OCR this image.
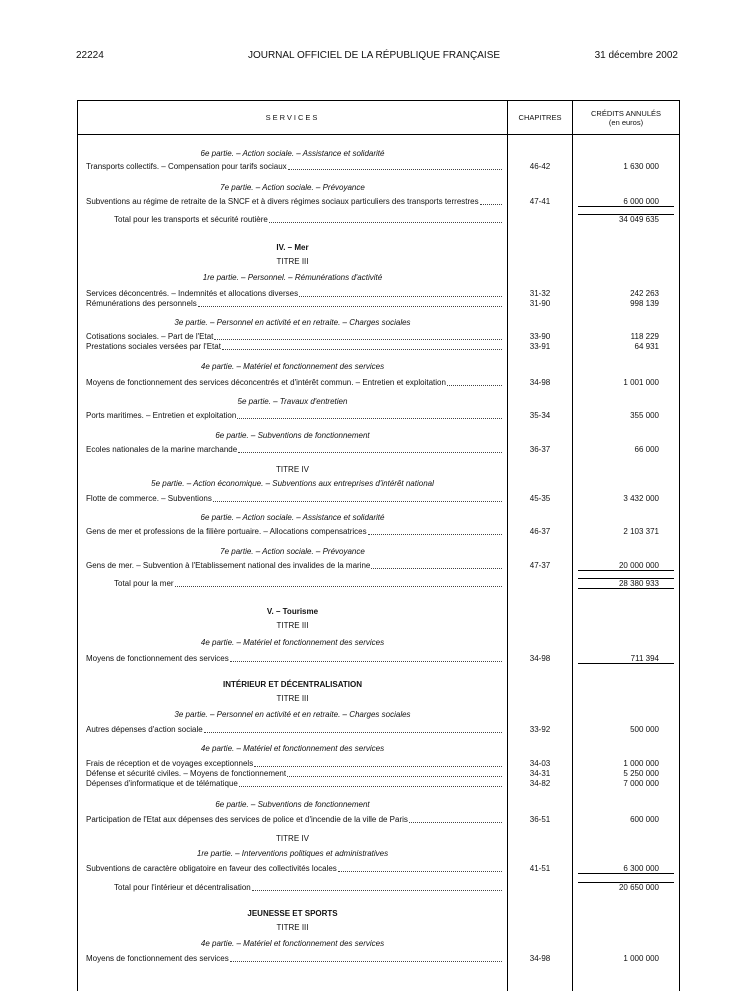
22224	JOURNAL OFFICIEL DE LA RÉPUBLIQUE FRANÇAISE	31 décembre 2002
SERVICES	CHAPITRES	CRÉDITS ANNULÉS
(en euros)
6e partie. – Action sociale. – Assistance et solidarité
Transports collectifs. – Compensation pour tarifs sociaux	46-42	1 630 000
7e partie. – Action sociale. – Prévoyance
Subventions au régime de retraite de la SNCF et à divers régimes sociaux particuliers des transports terrestres	47-41	6 000 000
Total pour les transports et sécurité routière	34 049 635
IV. – Mer
TITRE III
1re partie. – Personnel. – Rémunérations d'activité
Services déconcentrés. – Indemnités et allocations diverses	31-32	242 263
Rémunérations des personnels	31-90	998 139
3e partie. – Personnel en activité et en retraite. – Charges sociales
Cotisations sociales. – Part de l'Etat	33-90	118 229
Prestations sociales versées par l'Etat	33-91	64 931
4e partie. – Matériel et fonctionnement des services
Moyens de fonctionnement des services déconcentrés et d'intérêt commun. – Entretien et exploitation	34-98	1 001 000
5e partie. – Travaux d'entretien
Ports maritimes. – Entretien et exploitation	35-34	355 000
6e partie. – Subventions de fonctionnement
Ecoles nationales de la marine marchande	36-37	66 000
TITRE IV
5e partie. – Action économique. – Subventions aux entreprises d'intérêt national
Flotte de commerce. – Subventions	45-35	3 432 000
6e partie. – Action sociale. – Assistance et solidarité
Gens de mer et professions de la filière portuaire. – Allocations compensatrices	46-37	2 103 371
7e partie. – Action sociale. – Prévoyance
Gens de mer. – Subvention à l'Etablissement national des invalides de la marine	47-37	20 000 000
Total pour la mer	28 380 933
V. – Tourisme
TITRE III
4e partie. – Matériel et fonctionnement des services
Moyens de fonctionnement des services	34-98	711 394
INTÉRIEUR ET DÉCENTRALISATION
TITRE III
3e partie. – Personnel en activité et en retraite. – Charges sociales
Autres dépenses d'action sociale	33-92	500 000
4e partie. – Matériel et fonctionnement des services
Frais de réception et de voyages exceptionnels	34-03	1 000 000
Défense et sécurité civiles. – Moyens de fonctionnement	34-31	5 250 000
Dépenses d'informatique et de télématique	34-82	7 000 000
6e partie. – Subventions de fonctionnement
Participation de l'Etat aux dépenses des services de police et d'incendie de la ville de Paris	36-51	600 000
TITRE IV
1re partie. – Interventions politiques et administratives
Subventions de caractère obligatoire en faveur des collectivités locales	41-51	6 300 000
Total pour l'intérieur et décentralisation	20 650 000
JEUNESSE ET SPORTS
TITRE III
4e partie. – Matériel et fonctionnement des services
Moyens de fonctionnement des services	34-98	1 000 000
